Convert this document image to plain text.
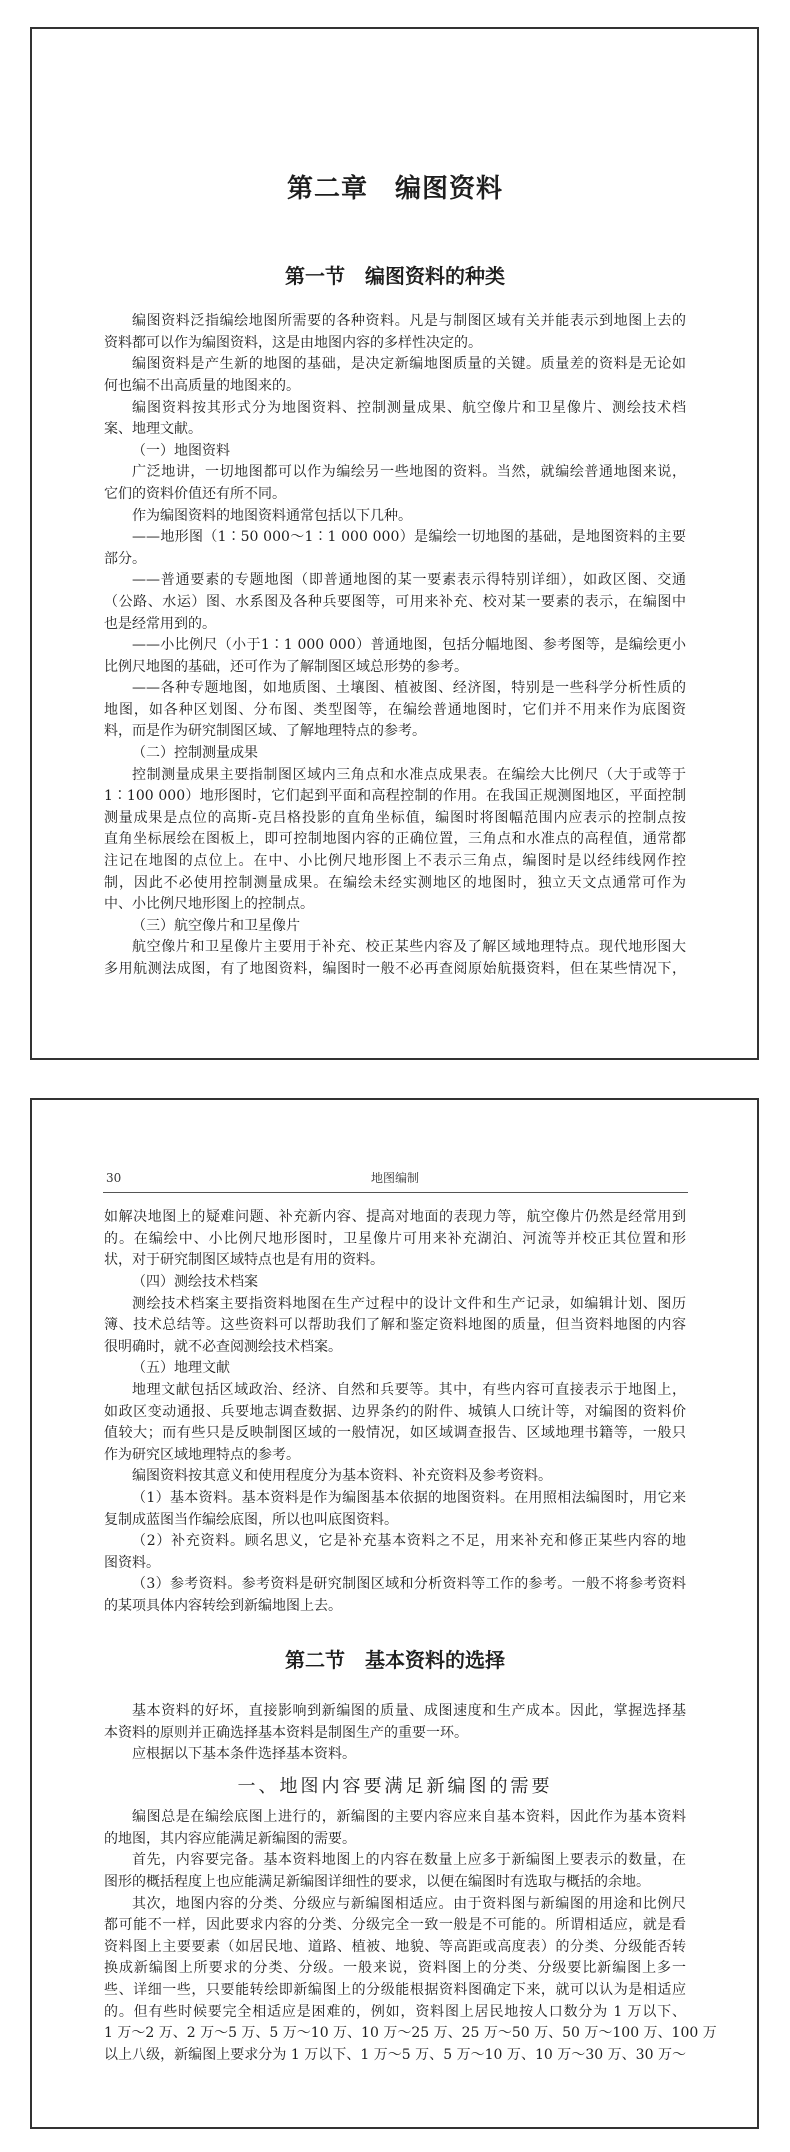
第二章　编图资料
第一节　编图资料的种类
编图资料泛指编绘地图所需要的各种资料。凡是与制图区域有关并能表示到地图上去的
资料都可以作为编图资料，这是由地图内容的多样性决定的。
编图资料是产生新的地图的基础，是决定新编地图质量的关键。质量差的资料是无论如
何也编不出高质量的地图来的。
编图资料按其形式分为地图资料、控制测量成果、航空像片和卫星像片、测绘技术档
案、地理文献。
（一）地图资料
广泛地讲，一切地图都可以作为编绘另一些地图的资料。当然，就编绘普通地图来说，
它们的资料价值还有所不同。
作为编图资料的地图资料通常包括以下几种。
——地形图（1∶50 000～1∶1 000 000）是编绘一切地图的基础，是地图资料的主要
部分。
——普通要素的专题地图（即普通地图的某一要素表示得特别详细），如政区图、交通
（公路、水运）图、水系图及各种兵要图等，可用来补充、校对某一要素的表示，在编图中
也是经常用到的。
——小比例尺（小于1∶1 000 000）普通地图，包括分幅地图、参考图等，是编绘更小
比例尺地图的基础，还可作为了解制图区域总形势的参考。
——各种专题地图，如地质图、土壤图、植被图、经济图，特别是一些科学分析性质的
地图，如各种区划图、分布图、类型图等，在编绘普通地图时，它们并不用来作为底图资
料，而是作为研究制图区域、了解地理特点的参考。
（二）控制测量成果
控制测量成果主要指制图区域内三角点和水准点成果表。在编绘大比例尺（大于或等于
1∶100 000）地形图时，它们起到平面和高程控制的作用。在我国正规测图地区，平面控制
测量成果是点位的高斯-克吕格投影的直角坐标值，编图时将图幅范围内应表示的控制点按
直角坐标展绘在图板上，即可控制地图内容的正确位置，三角点和水准点的高程值，通常都
注记在地图的点位上。在中、小比例尺地形图上不表示三角点，编图时是以经纬线网作控
制，因此不必使用控制测量成果。在编绘未经实测地区的地图时，独立天文点通常可作为
中、小比例尺地形图上的控制点。
（三）航空像片和卫星像片
航空像片和卫星像片主要用于补充、校正某些内容及了解区域地理特点。现代地形图大
多用航测法成图，有了地图资料，编图时一般不必再查阅原始航摄资料，但在某些情况下，
30	地图编制
如解决地图上的疑难问题、补充新内容、提高对地面的表现力等，航空像片仍然是经常用到
的。在编绘中、小比例尺地形图时，卫星像片可用来补充湖泊、河流等并校正其位置和形
状，对于研究制图区域特点也是有用的资料。
（四）测绘技术档案
测绘技术档案主要指资料地图在生产过程中的设计文件和生产记录，如编辑计划、图历
簿、技术总结等。这些资料可以帮助我们了解和鉴定资料地图的质量，但当资料地图的内容
很明确时，就不必查阅测绘技术档案。
（五）地理文献
地理文献包括区域政治、经济、自然和兵要等。其中，有些内容可直接表示于地图上，
如政区变动通报、兵要地志调查数据、边界条约的附件、城镇人口统计等，对编图的资料价
值较大；而有些只是反映制图区域的一般情况，如区域调查报告、区域地理书籍等，一般只
作为研究区域地理特点的参考。
编图资料按其意义和使用程度分为基本资料、补充资料及参考资料。
（1）基本资料。基本资料是作为编图基本依据的地图资料。在用照相法编图时，用它来
复制成蓝图当作编绘底图，所以也叫底图资料。
（2）补充资料。顾名思义，它是补充基本资料之不足，用来补充和修正某些内容的地
图资料。
（3）参考资料。参考资料是研究制图区域和分析资料等工作的参考。一般不将参考资料
的某项具体内容转绘到新编地图上去。
第二节　基本资料的选择
基本资料的好坏，直接影响到新编图的质量、成图速度和生产成本。因此，掌握选择基
本资料的原则并正确选择基本资料是制图生产的重要一环。
应根据以下基本条件选择基本资料。
一、地图内容要满足新编图的需要
编图总是在编绘底图上进行的，新编图的主要内容应来自基本资料，因此作为基本资料
的地图，其内容应能满足新编图的需要。
首先，内容要完备。基本资料地图上的内容在数量上应多于新编图上要表示的数量，在
图形的概括程度上也应能满足新编图详细性的要求，以便在编图时有选取与概括的余地。
其次，地图内容的分类、分级应与新编图相适应。由于资料图与新编图的用途和比例尺
都可能不一样，因此要求内容的分类、分级完全一致一般是不可能的。所谓相适应，就是看
资料图上主要要素（如居民地、道路、植被、地貌、等高距或高度表）的分类、分级能否转
换成新编图上所要求的分类、分级。一般来说，资料图上的分类、分级要比新编图上多一
些、详细一些，只要能转绘即新编图上的分级能根据资料图确定下来，就可以认为是相适应
的。但有些时候要完全相适应是困难的，例如，资料图上居民地按人口数分为 1 万以下、
1 万～2 万、2 万～5 万、5 万～10 万、10 万～25 万、25 万～50 万、50 万～100 万、100 万
以上八级，新编图上要求分为 1 万以下、1 万～5 万、5 万～10 万、10 万～30 万、30 万～
